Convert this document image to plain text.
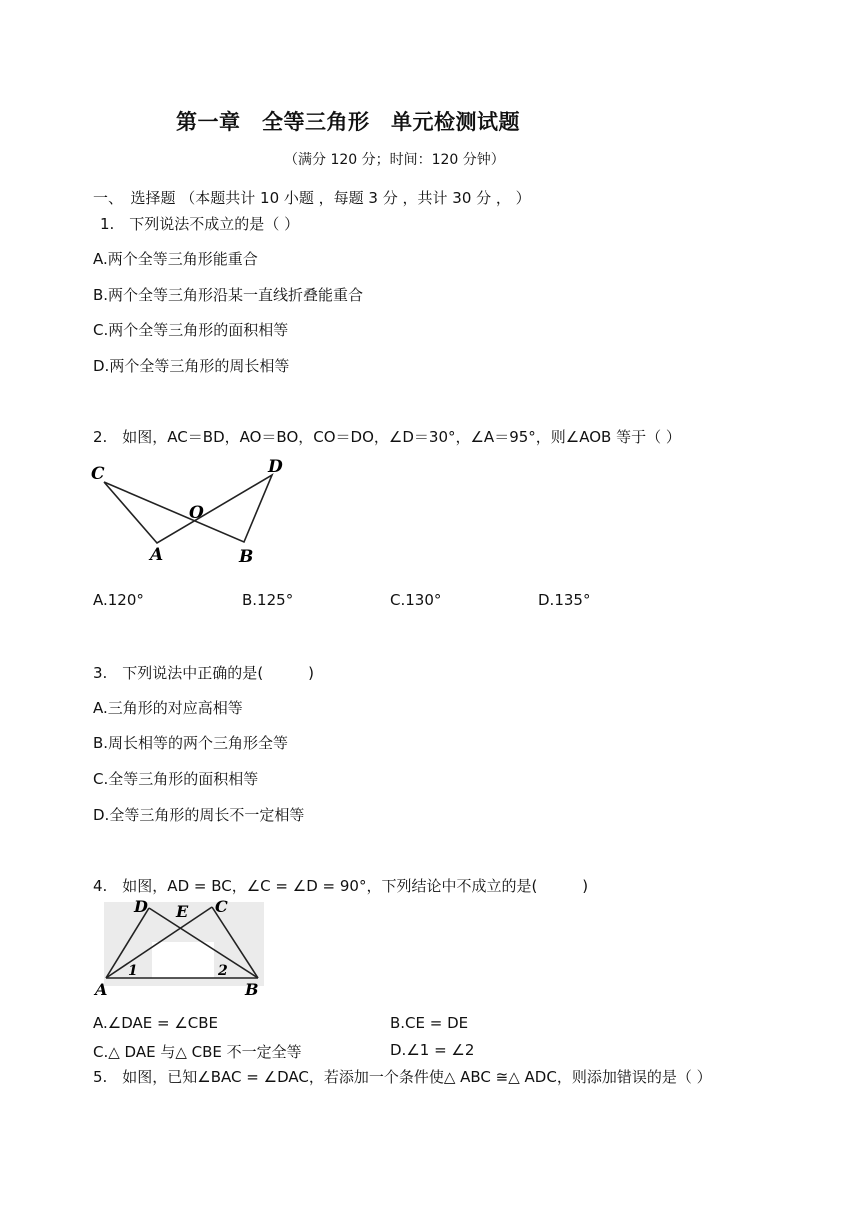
第一章　全等三角形　单元检测试题
（满分 120 分；时间：120 分钟）
一、　选择题 （本题共计 10 小题 ，每题 3 分 ，共计 30 分 ， ）
1.　下列说法不成立的是（ ）
A.两个全等三角形能重合
B.两个全等三角形沿某一直线折叠能重合
C.两个全等三角形的面积相等
D.两个全等三角形的周长相等
2.　如图，AC＝BD，AO＝BO，CO＝DO，∠D＝30°，∠A＝95°，则∠AOB 等于（ ）
C	D
O
A	B
A.120°	B.125°	C.130°	D.135°
3.　下列说法中正确的是(　　　)
A.三角形的对应高相等
B.周长相等的两个三角形全等
C.全等三角形的面积相等
D.全等三角形的周长不一定相等
4.　如图，AD = BC，∠C = ∠D = 90°，下列结论中不成立的是(　　　)
D E C
1	2
A	B
A.∠DAE = ∠CBE	B.CE = DE
C.△ DAE 与△ CBE 不一定全等	D.∠1 = ∠2
5.　如图，已知∠BAC = ∠DAC，若添加一个条件使△ ABC ≅△ ADC，则添加错误的是（ ）
